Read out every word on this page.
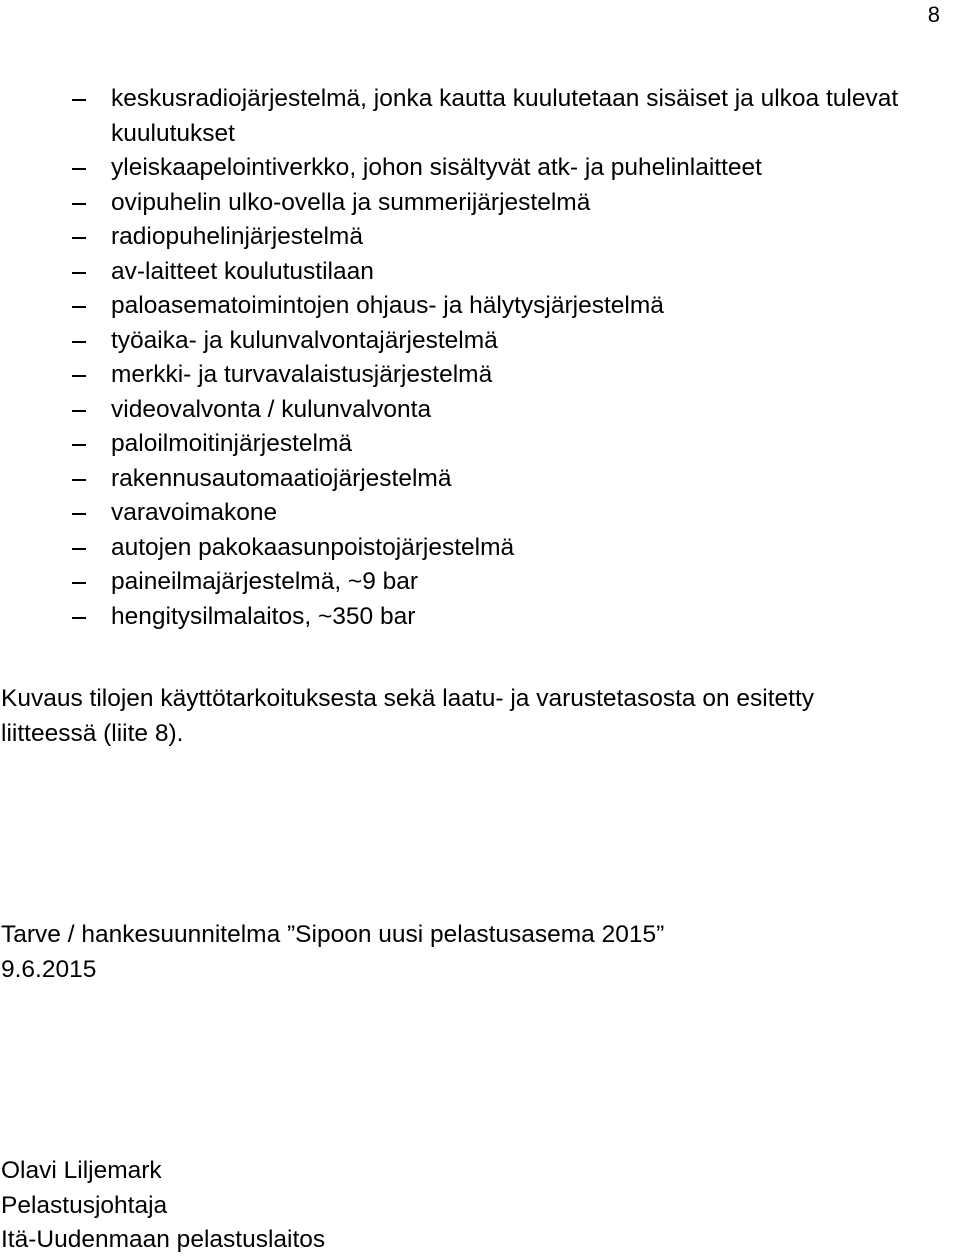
8
keskusradiojärjestelmä, jonka kautta kuulutetaan sisäiset ja ulkoa tulevat kuulutukset
yleiskaapelointiverkko, johon sisältyvät atk- ja puhelinlaitteet
ovipuhelin ulko-ovella ja summerijärjestelmä
radiopuhelinjärjestelmä
av-laitteet koulutustilaan
paloasematoimintojen ohjaus- ja hälytysjärjestelmä
työaika- ja kulunvalvontajärjestelmä
merkki- ja turvavalaistusjärjestelmä
videovalvonta / kulunvalvonta
paloilmoitinjärjestelmä
rakennusautomaatiojärjestelmä
varavoimakone
autojen pakokaasunpoistojärjestelmä
paineilmajärjestelmä, ~9 bar
hengitysilmalaitos, ~350 bar
Kuvaus tilojen käyttötarkoituksesta sekä laatu- ja varustetasosta on esitetty liitteessä (liite 8).
Tarve / hankesuunnitelma ”Sipoon uusi pelastusasema 2015”
9.6.2015
Olavi Liljemark
Pelastusjohtaja
Itä-Uudenmaan pelastuslaitos
